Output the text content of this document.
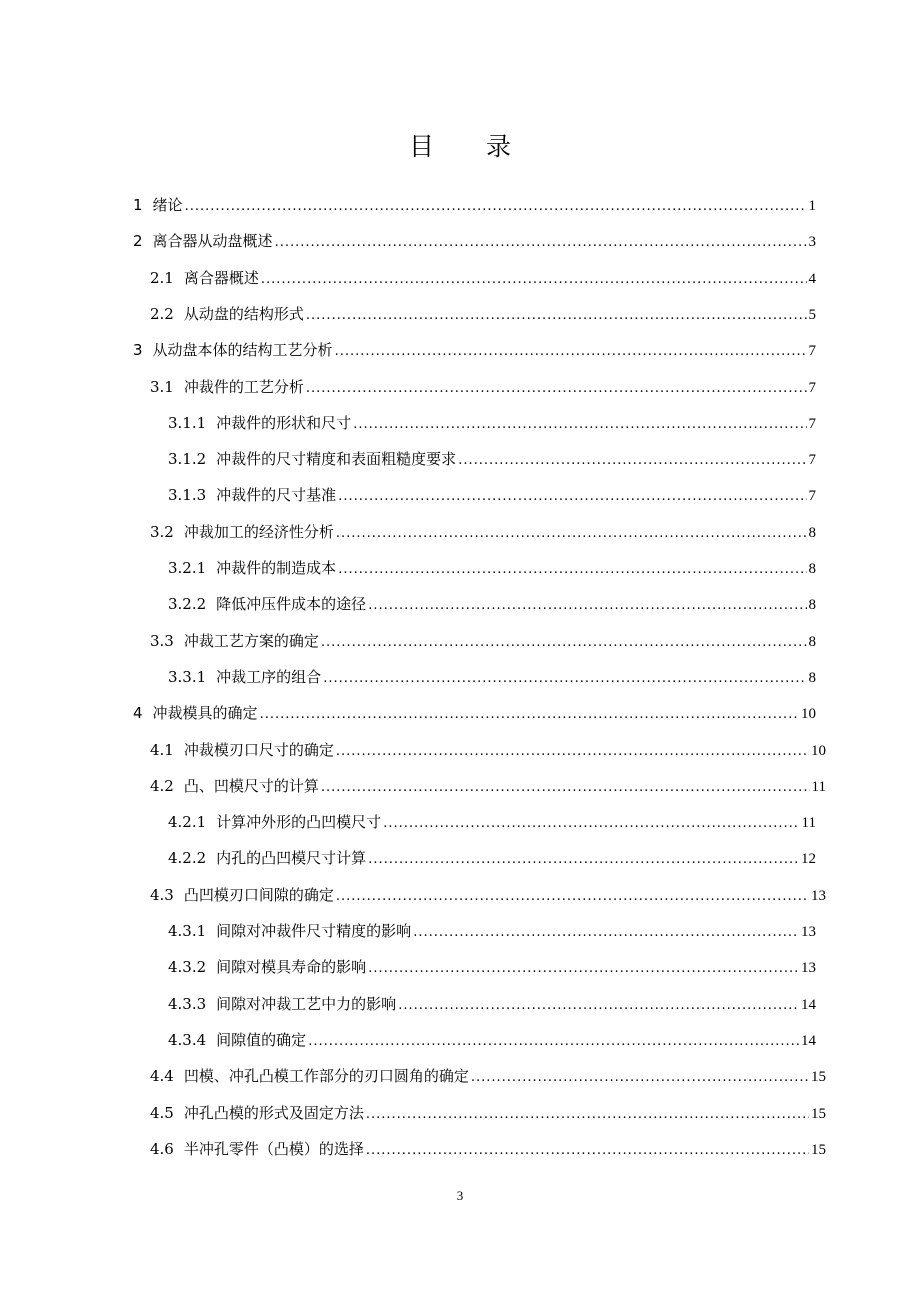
目 录
1 绪论 .....	1
2 离合器从动盘概述 .....	3
2.1 离合器概述 .....	4
2.2 从动盘的结构形式 .....	5
3 从动盘本体的结构工艺分析 .....	7
3.1 冲裁件的工艺分析 .....	7
3.1.1 冲裁件的形状和尺寸 .....	7
3.1.2 冲裁件的尺寸精度和表面粗糙度要求 .....	7
3.1.3 冲裁件的尺寸基准 .....	7
3.2 冲裁加工的经济性分析 .....	8
3.2.1 冲裁件的制造成本 .....	8
3.2.2 降低冲压件成本的途径 .....	8
3.3 冲裁工艺方案的确定 .....	8
3.3.1 冲裁工序的组合 .....	8
4 冲裁模具的确定 .....	10
4.1 冲裁模刃口尺寸的确定 .....	10
4.2 凸、凹模尺寸的计算 .....	11
4.2.1 计算冲外形的凸凹模尺寸 .....	11
4.2.2 内孔的凸凹模尺寸计算 .....	12
4.3 凸凹模刃口间隙的确定 .....	13
4.3.1 间隙对冲裁件尺寸精度的影响 .....	13
4.3.2 间隙对模具寿命的影响 .....	13
4.3.3 间隙对冲裁工艺中力的影响 .....	14
4.3.4 间隙值的确定 .....	14
4.4 凹模、冲孔凸模工作部分的刃口圆角的确定 .....	15
4.5 冲孔凸模的形式及固定方法 .....	15
4.6 半冲孔零件（凸模）的选择 .....	15
3
